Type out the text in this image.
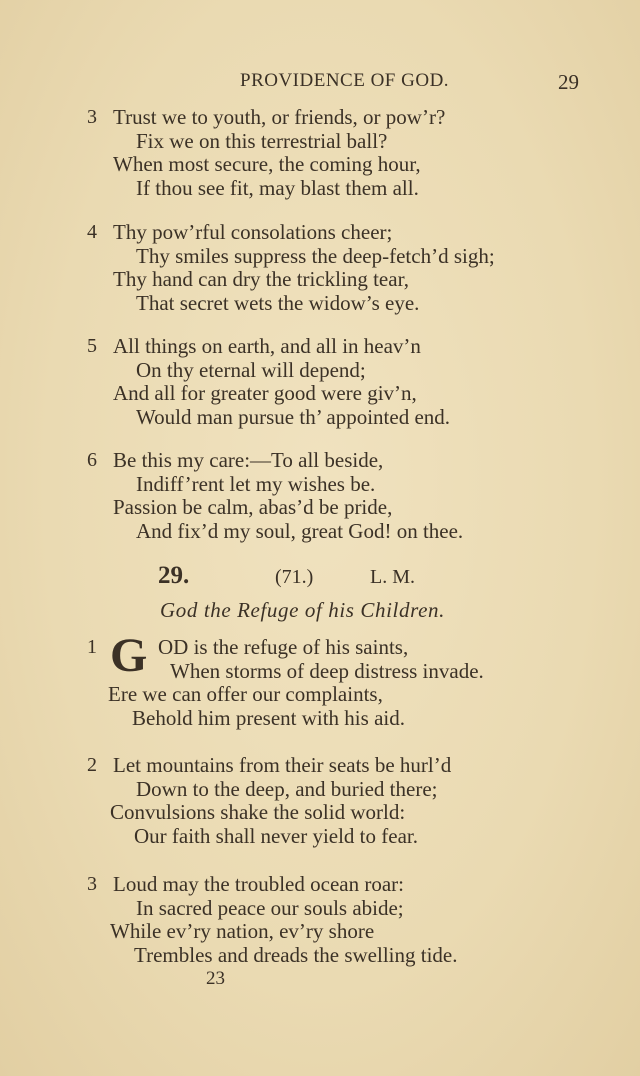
PROVIDENCE OF GOD.	29
3 Trust we to youth, or friends, or pow’r?
Fix we on this terrestrial ball?
When most secure, the coming hour,
If thou see fit, may blast them all.
4 Thy pow’rful consolations cheer;
Thy smiles suppress the deep-fetch’d sigh;
Thy hand can dry the trickling tear,
That secret wets the widow’s eye.
5 All things on earth, and all in heav’n
On thy eternal will depend;
And all for greater good were giv’n,
Would man pursue th’ appointed end.
6 Be this my care:—To all beside,
Indiff’rent let my wishes be.
Passion be calm, abas’d be pride,
And fix’d my soul, great God! on thee.
29.	(71.)	L. M.
God the Refuge of his Children.
G
1	OD is the refuge of his saints,
When storms of deep distress invade.
Ere we can offer our complaints,
Behold him present with his aid.
2 Let mountains from their seats be hurl’d
Down to the deep, and buried there;
Convulsions shake the solid world:
Our faith shall never yield to fear.
3 Loud may the troubled ocean roar:
In sacred peace our souls abide;
While ev’ry nation, ev’ry shore
Trembles and dreads the swelling tide.
23
